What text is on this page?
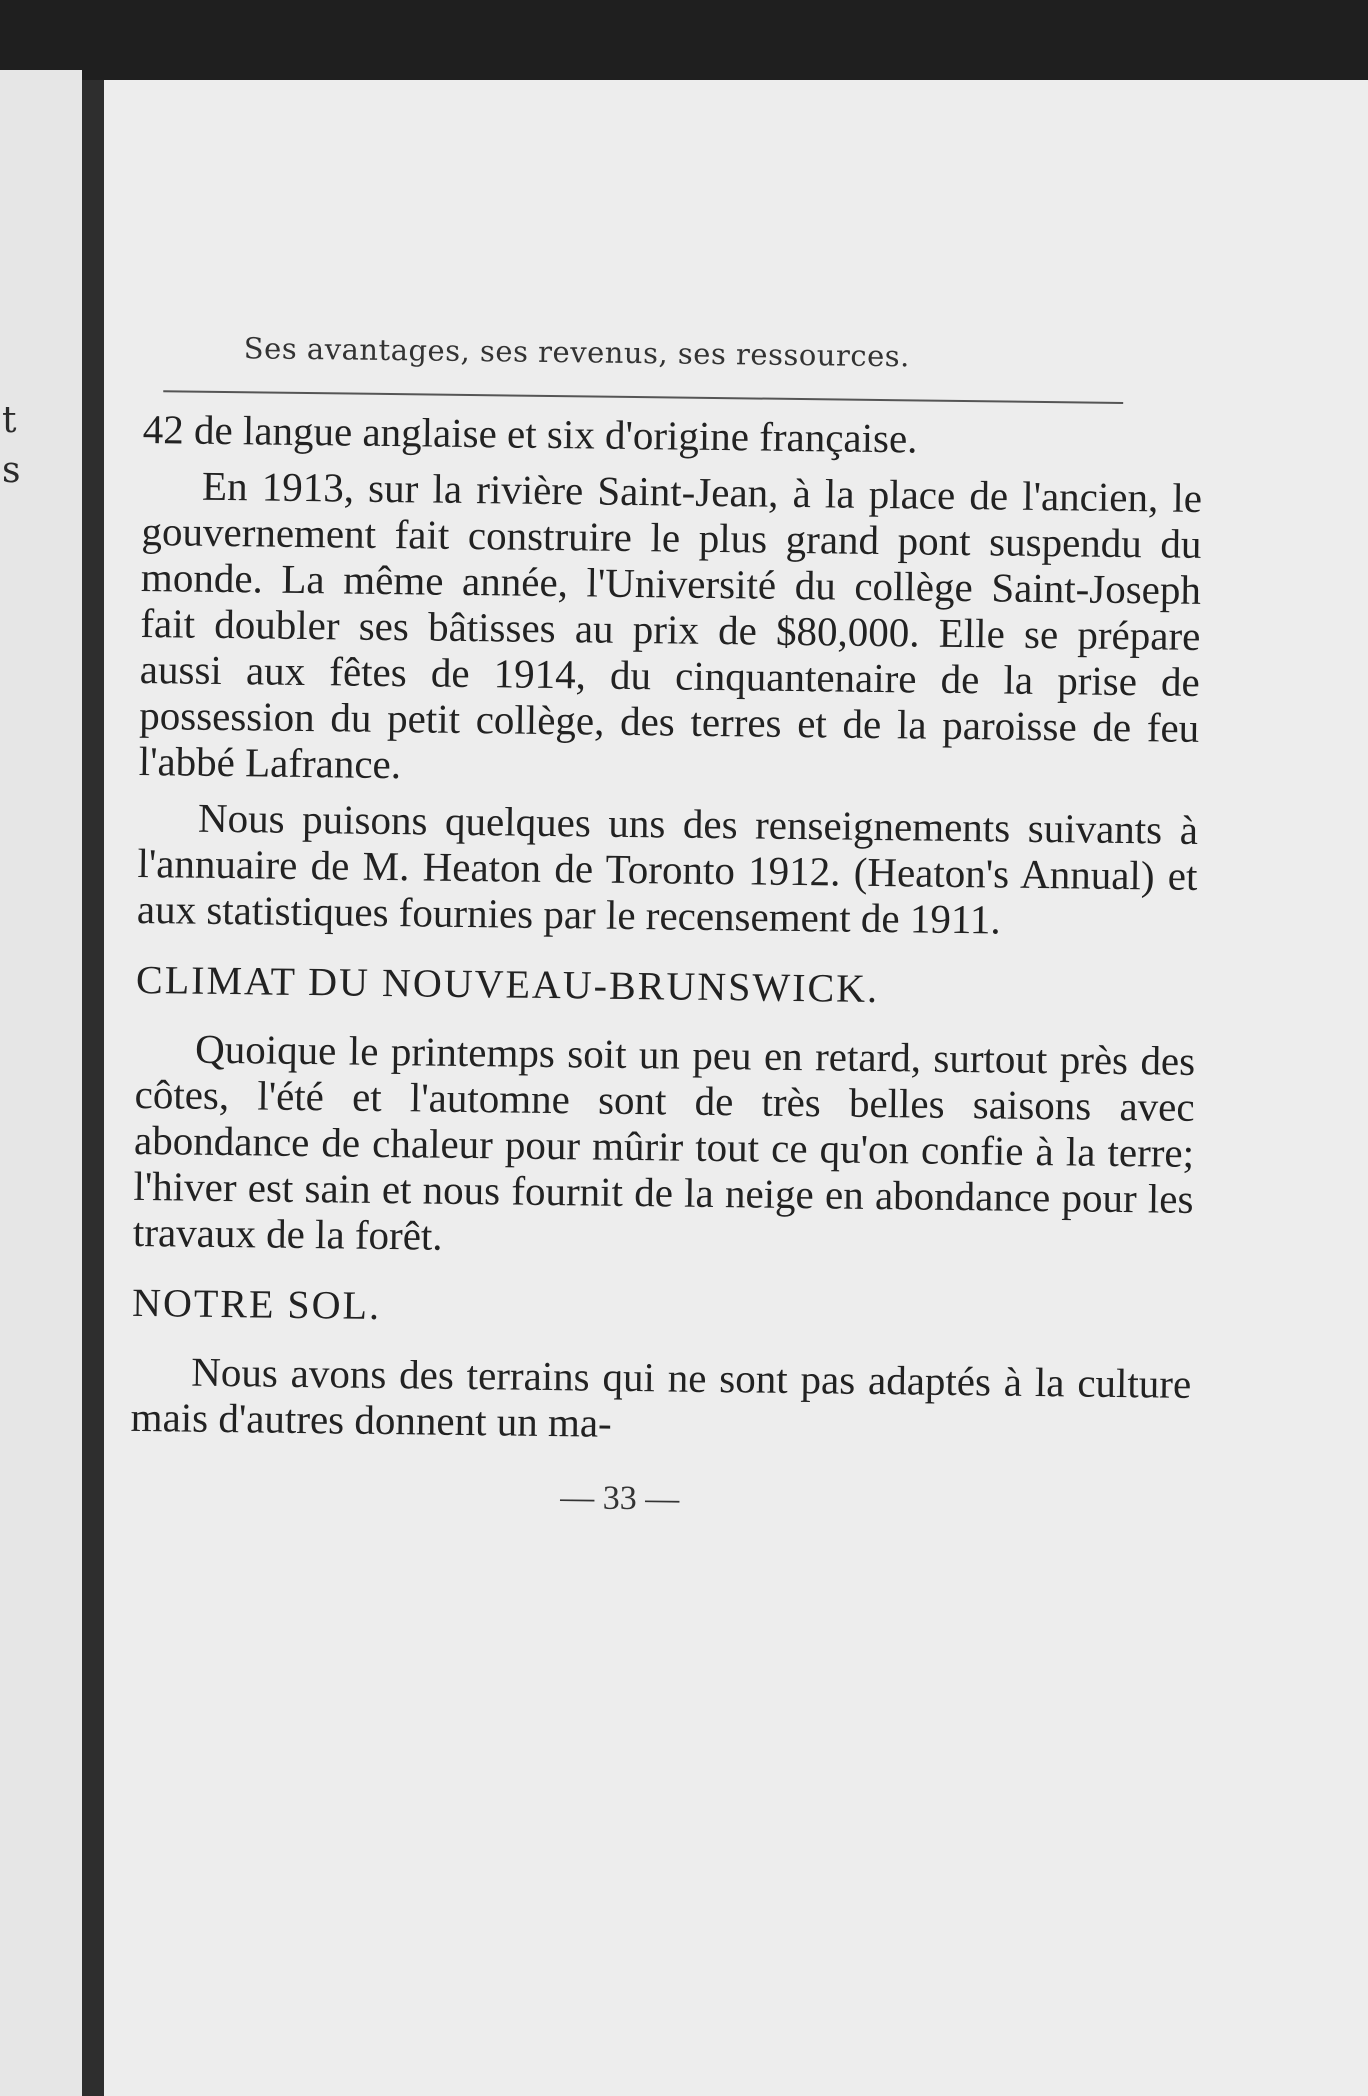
t
s
Ses avantages, ses revenus, ses ressources.

42 de langue anglaise et six d'origine française.

En 1913, sur la rivière Saint-Jean, à la place de l'ancien, le gouvernement fait construire le plus grand pont suspendu du monde. La même année, l'Université du collège Saint-Joseph fait doubler ses bâtisses au prix de $80,000. Elle se prépare aussi aux fêtes de 1914, du cinquantenaire de la prise de possession du petit collège, des terres et de la paroisse de feu l'abbé Lafrance.

Nous puisons quelques uns des renseignements suivants à l'annuaire de M. Heaton de Toronto 1912. (Heaton's Annual) et aux statistiques fournies par le recensement de 1911.

CLIMAT DU NOUVEAU-BRUNSWICK.

Quoique le printemps soit un peu en retard, surtout près des côtes, l'été et l'automne sont de très belles saisons avec abondance de chaleur pour mûrir tout ce qu'on confie à la terre; l'hiver est sain et nous fournit de la neige en abondance pour les travaux de la forêt.

NOTRE SOL.

Nous avons des terrains qui ne sont pas adaptés à la culture mais d'autres donnent un ma-

— 33 —
